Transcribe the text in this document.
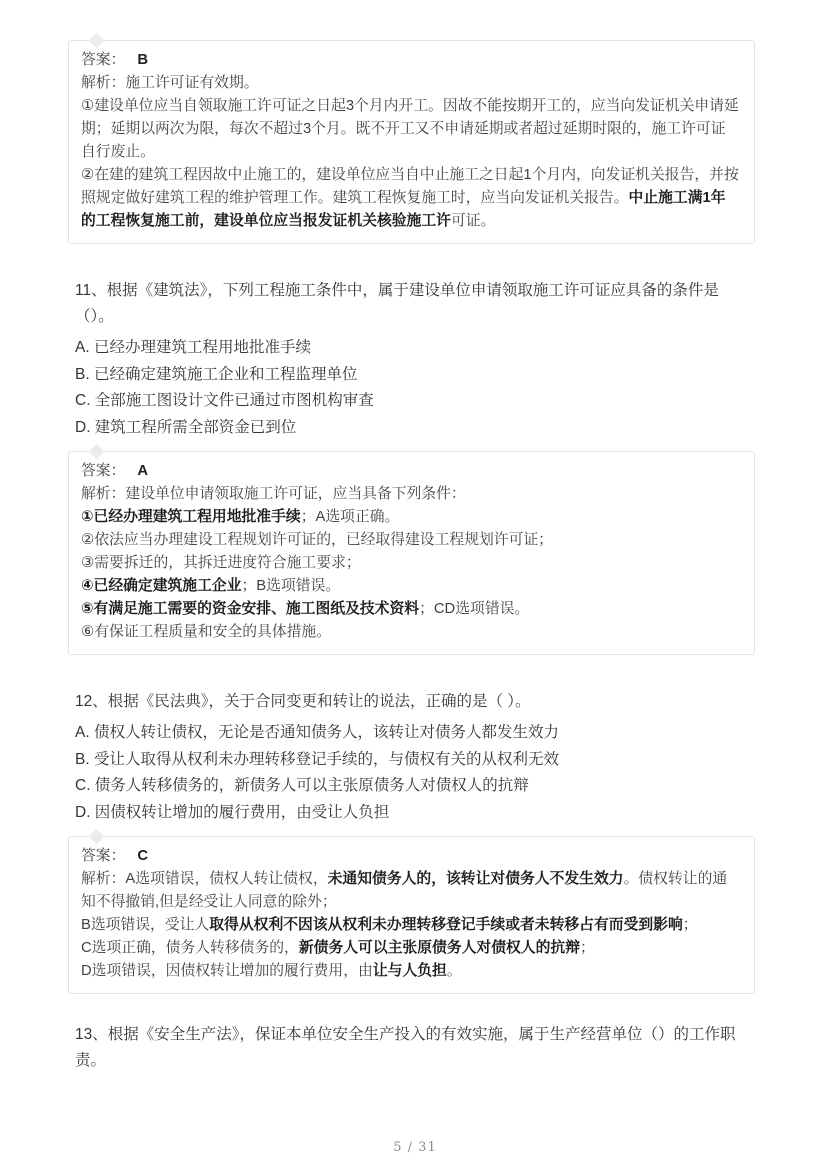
答案： B

解析：施工许可证有效期。

①建设单位应当自领取施工许可证之日起3个月内开工。因故不能按期开工的，应当向发证机关申请延期；延期以两次为限，每次不超过3个月。既不开工又不申请延期或者超过延期时限的，施工许可证自行废止。

②在建的建筑工程因故中止施工的，建设单位应当自中止施工之日起1个月内，向发证机关报告，并按照规定做好建筑工程的维护管理工作。建筑工程恢复施工时，应当向发证机关报告。中止施工满1年的工程恢复施工前，建设单位应当报发证机关核验施工许可证。

11、根据《建筑法》，下列工程施工条件中，属于建设单位申请领取施工许可证应具备的条件是（）。

A. 已经办理建筑工程用地批准手续
B. 已经确定建筑施工企业和工程监理单位
C. 全部施工图设计文件已通过市图机构审查
D. 建筑工程所需全部资金已到位
答案： A

解析：建设单位申请领取施工许可证，应当具备下列条件：

①已经办理建筑工程用地批准手续；A选项正确。

②依法应当办理建设工程规划许可证的，已经取得建设工程规划许可证；

③需要拆迁的，其拆迁进度符合施工要求；

④已经确定建筑施工企业；B选项错误。

⑤有满足施工需要的资金安排、施工图纸及技术资料；CD选项错误。

⑥有保证工程质量和安全的具体措施。

12、根据《民法典》，关于合同变更和转让的说法，正确的是（ ）。

A. 债权人转让债权，无论是否通知债务人，该转让对债务人都发生效力
B. 受让人取得从权利未办理转移登记手续的，与债权有关的从权利无效
C. 债务人转移债务的，新债务人可以主张原债务人对债权人的抗辩
D. 因债权转让增加的履行费用，由受让人负担
答案： C

解析：A选项错误，债权人转让债权，未通知债务人的，该转让对债务人不发生效力。债权转让的通知不得撤销,但是经受让人同意的除外；

B选项错误，受让人取得从权利不因该从权利未办理转移登记手续或者未转移占有而受到影响；

C选项正确，债务人转移债务的，新债务人可以主张原债务人对债权人的抗辩；

D选项错误，因债权转让增加的履行费用，由让与人负担。

13、根据《安全生产法》，保证本单位安全生产投入的有效实施，属于生产经营单位（）的工作职责。

5 / 31
